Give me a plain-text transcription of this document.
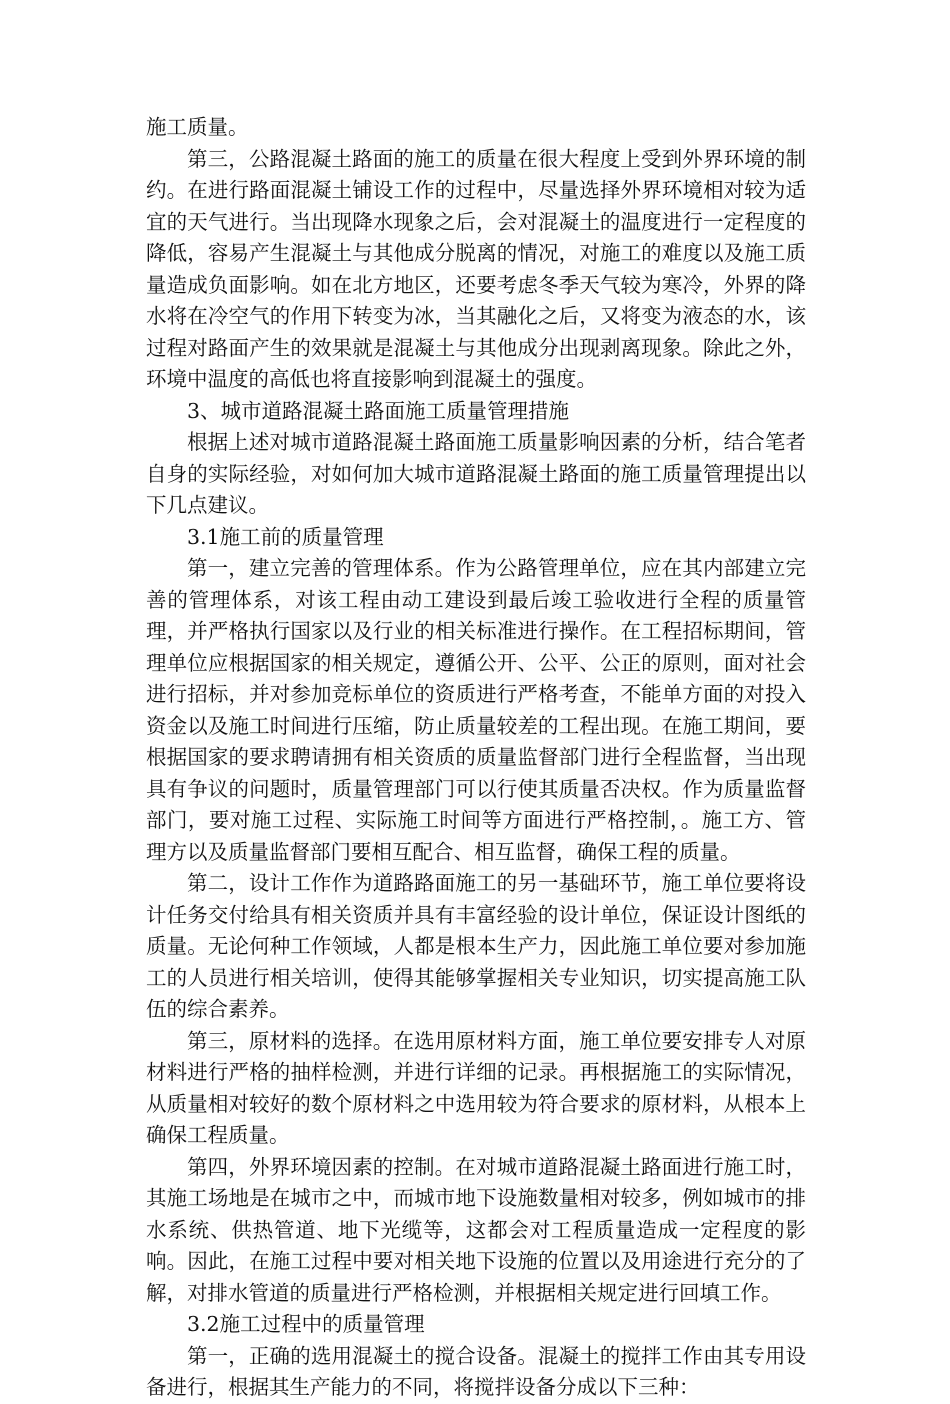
施工质量。

第三，公路混凝土路面的施工的质量在很大程度上受到外界环境的制约。在进行路面混凝土铺设工作的过程中，尽量选择外界环境相对较为适宜的天气进行。当出现降水现象之后，会对混凝土的温度进行一定程度的降低，容易产生混凝土与其他成分脱离的情况，对施工的难度以及施工质量造成负面影响。如在北方地区，还要考虑冬季天气较为寒冷，外界的降水将在冷空气的作用下转变为冰，当其融化之后，又将变为液态的水，该过程对路面产生的效果就是混凝土与其他成分出现剥离现象。除此之外，环境中温度的高低也将直接影响到混凝土的强度。

3、城市道路混凝土路面施工质量管理措施

根据上述对城市道路混凝土路面施工质量影响因素的分析，结合笔者自身的实际经验，对如何加大城市道路混凝土路面的施工质量管理提出以下几点建议。

3.1施工前的质量管理

第一，建立完善的管理体系。作为公路管理单位，应在其内部建立完善的管理体系，对该工程由动工建设到最后竣工验收进行全程的质量管理，并严格执行国家以及行业的相关标准进行操作。在工程招标期间，管理单位应根据国家的相关规定，遵循公开、公平、公正的原则，面对社会进行招标，并对参加竞标单位的资质进行严格考查，不能单方面的对投入资金以及施工时间进行压缩，防止质量较差的工程出现。在施工期间，要根据国家的要求聘请拥有相关资质的质量监督部门进行全程监督，当出现具有争议的问题时，质量管理部门可以行使其质量否决权。作为质量监督部门，要对施工过程、实际施工时间等方面进行严格控制，。施工方、管理方以及质量监督部门要相互配合、相互监督，确保工程的质量。

第二，设计工作作为道路路面施工的另一基础环节，施工单位要将设计任务交付给具有相关资质并具有丰富经验的设计单位，保证设计图纸的质量。无论何种工作领域，人都是根本生产力，因此施工单位要对参加施工的人员进行相关培训，使得其能够掌握相关专业知识，切实提高施工队伍的综合素养。

第三，原材料的选择。在选用原材料方面，施工单位要安排专人对原材料进行严格的抽样检测，并进行详细的记录。再根据施工的实际情况，从质量相对较好的数个原材料之中选用较为符合要求的原材料，从根本上确保工程质量。

第四，外界环境因素的控制。在对城市道路混凝土路面进行施工时，其施工场地是在城市之中，而城市地下设施数量相对较多，例如城市的排水系统、供热管道、地下光缆等，这都会对工程质量造成一定程度的影响。因此，在施工过程中要对相关地下设施的位置以及用途进行充分的了解，对排水管道的质量进行严格检测，并根据相关规定进行回填工作。

3.2施工过程中的质量管理

第一，正确的选用混凝土的搅合设备。混凝土的搅拌工作由其专用设备进行，根据其生产能力的不同，将搅拌设备分成以下三种：
